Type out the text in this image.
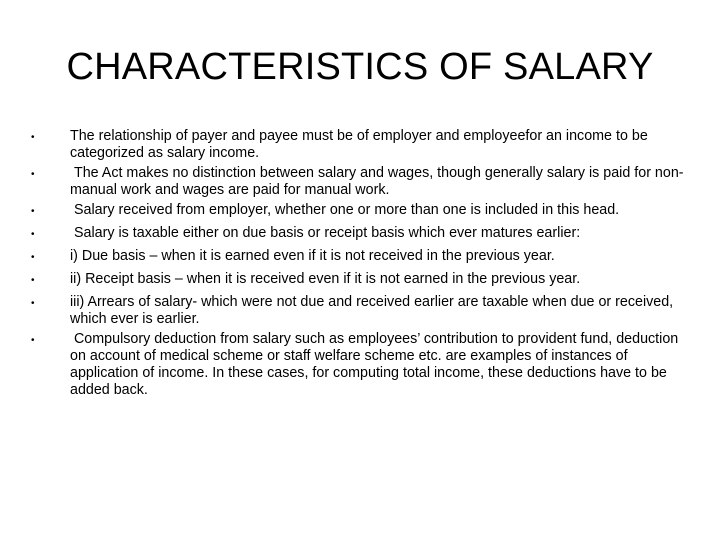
CHARACTERISTICS OF SALARY
•	The relationship of payer and payee must be of employer and employeefor an income to be categorized as salary income.
•	The Act makes no distinction between salary and wages, though generally salary is paid for non-manual work and wages are paid for manual work.
•	Salary received from employer, whether one or more than one is included in this head.
•	Salary is taxable either on due basis or receipt basis which ever matures earlier:
•	i) Due basis – when it is earned even if it is not received in the previous year.
•	ii) Receipt basis – when it is received even if it is not earned in the previous year.
•	iii) Arrears of salary- which were not due and received earlier are taxable when due or received, which ever is earlier.
•	Compulsory deduction from salary such as employees’ contribution to provident fund, deduction on account of medical scheme or staff welfare scheme etc. are examples of instances of application of income. In these cases, for computing total income, these deductions have to be added back.
